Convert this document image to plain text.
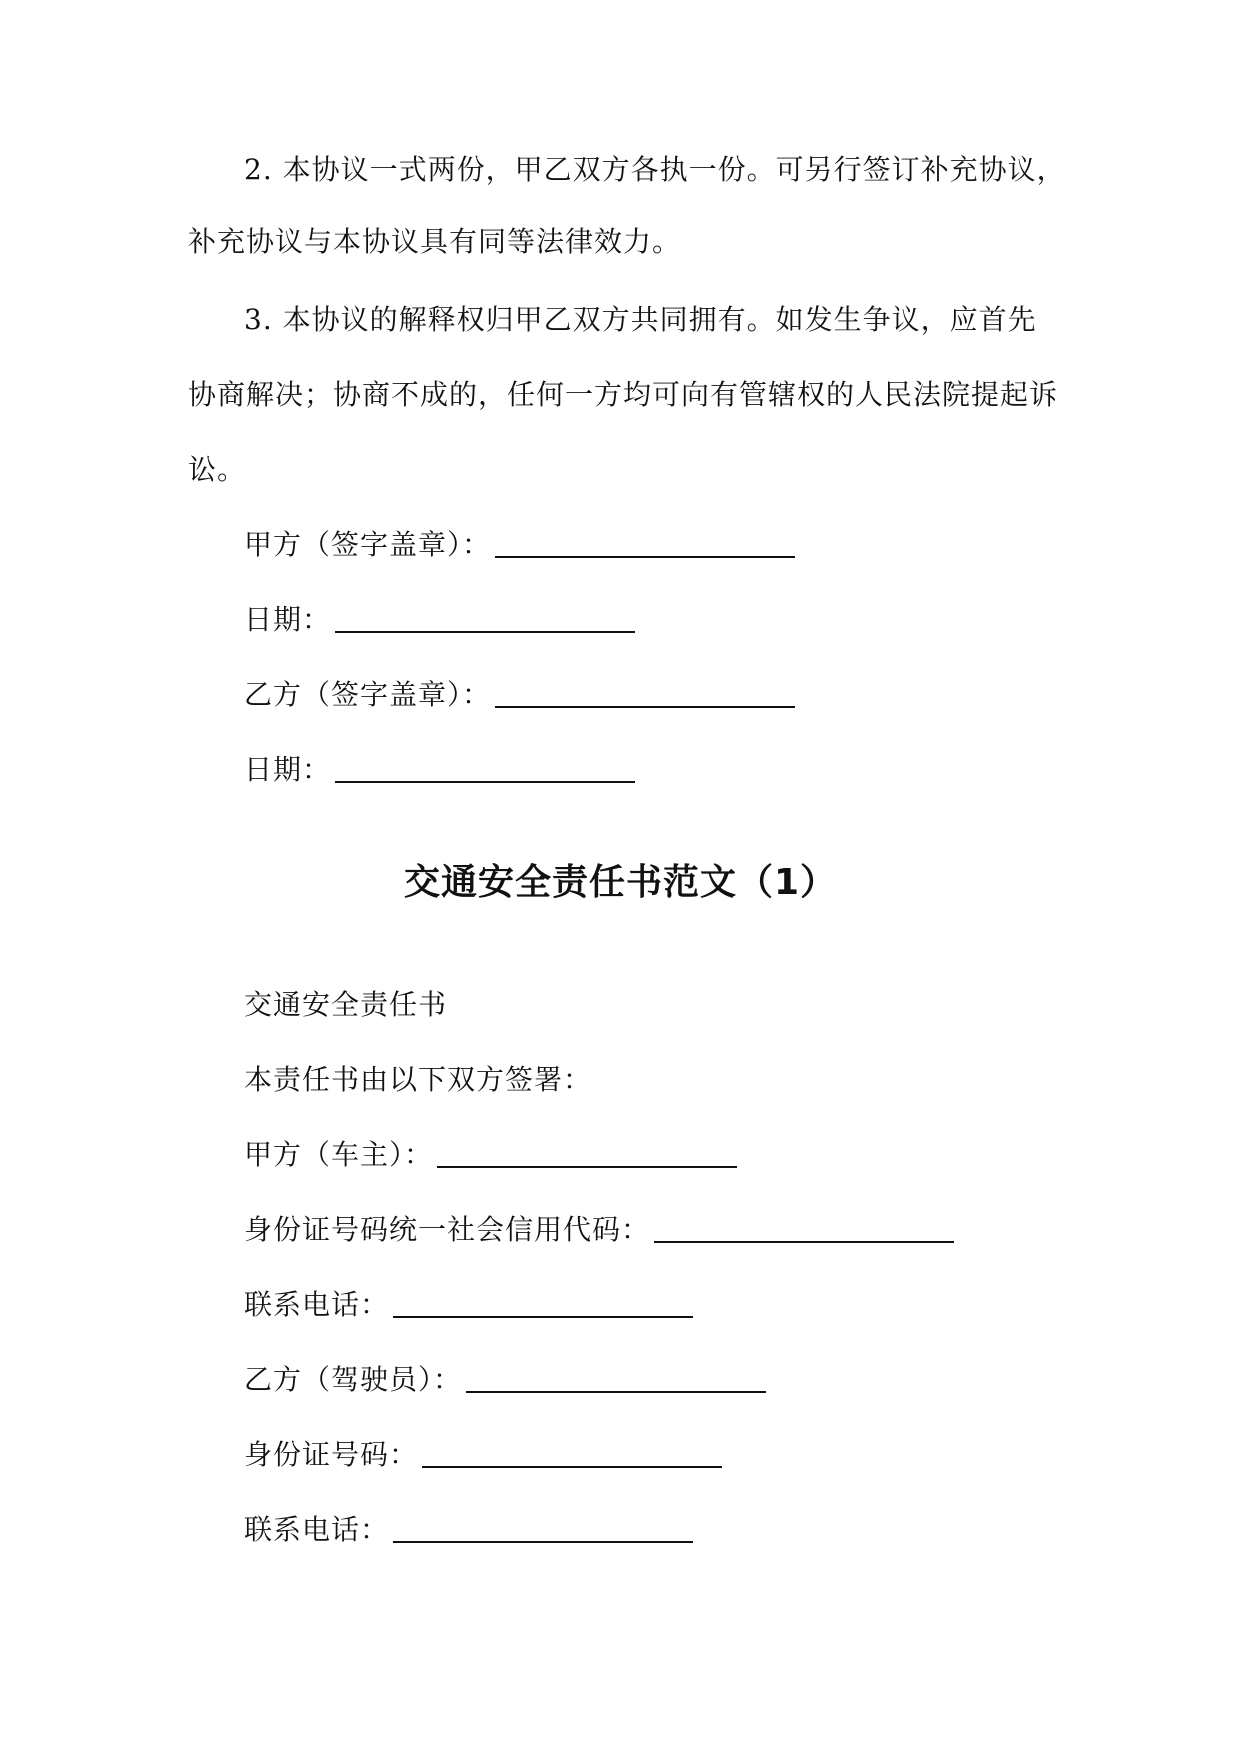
2. 本协议一式两份，甲乙双方各执一份。可另行签订补充协议，
补充协议与本协议具有同等法律效力。
3. 本协议的解释权归甲乙双方共同拥有。如发生争议，应首先
协商解决；协商不成的，任何一方均可向有管辖权的人民法院提起诉
讼。
甲方（签字盖章）：
日期：
乙方（签字盖章）：
日期：
交通安全责任书范文（1）
交通安全责任书
本责任书由以下双方签署：
甲方（车主）：
身份证号码统一社会信用代码：
联系电话：
乙方（驾驶员）：
身份证号码：
联系电话：
